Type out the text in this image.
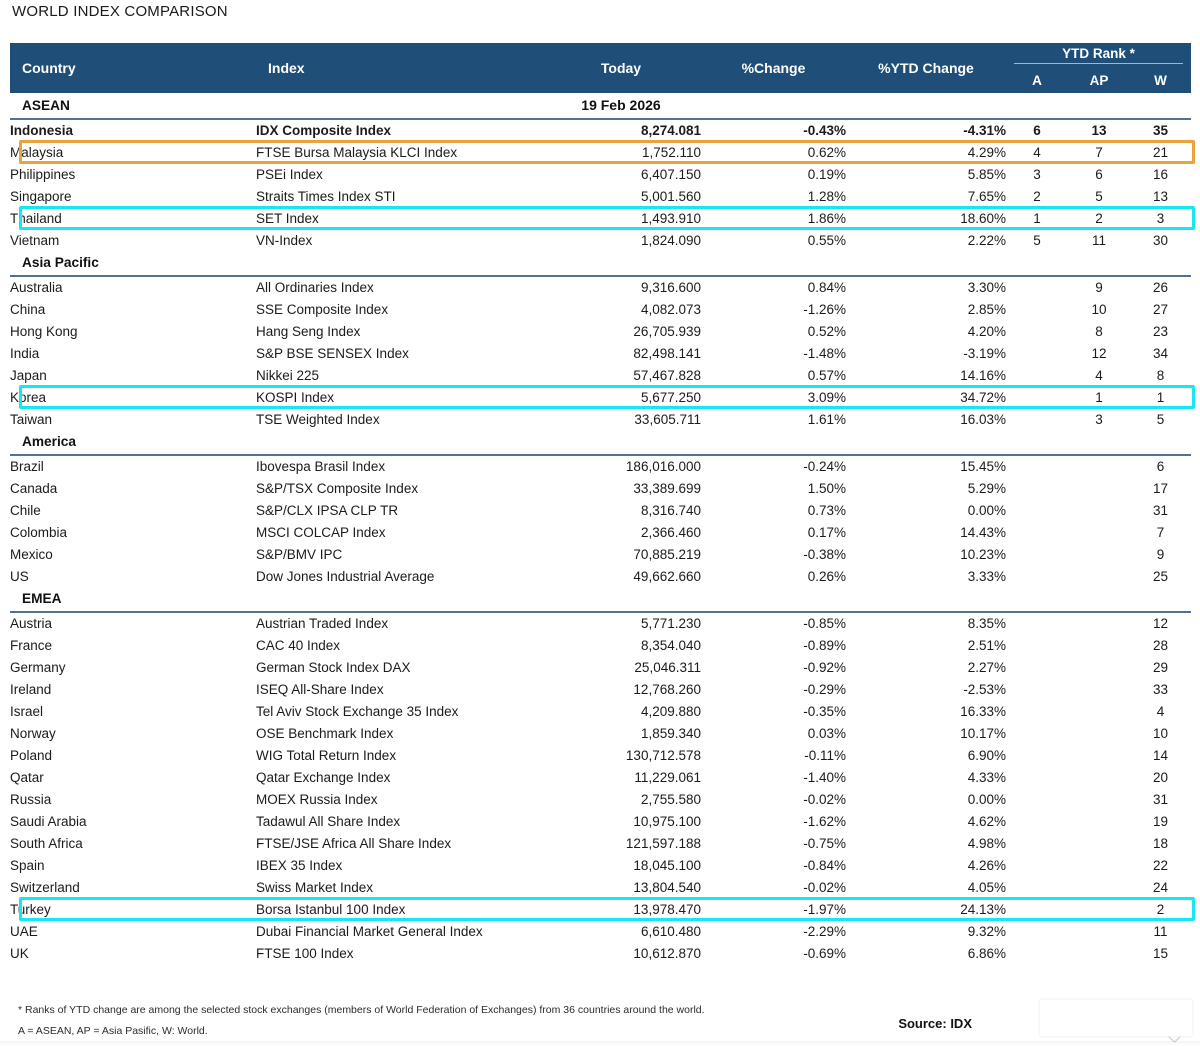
WORLD INDEX COMPARISON
Country	Index	Today	%Change	%YTD Change	YTD Rank *		

					A	AP	W
ASEAN		19 Feb 2026					
Indonesia	IDX Composite Index	8,274.081	-0.43%	-4.31%	6	13	35
Malaysia	FTSE Bursa Malaysia KLCI Index	1,752.110	0.62%	4.29%	4	7	21
Philippines	PSEi Index	6,407.150	0.19%	5.85%	3	6	16
Singapore	Straits Times Index STI	5,001.560	1.28%	7.65%	2	5	13
Thailand	SET Index	1,493.910	1.86%	18.60%	1	2	3
Vietnam	VN-Index	1,824.090	0.55%	2.22%	5	11	30
Asia Pacific							
Australia	All Ordinaries Index	9,316.600	0.84%	3.30%		9	26
China	SSE Composite Index	4,082.073	-1.26%	2.85%		10	27
Hong Kong	Hang Seng Index	26,705.939	0.52%	4.20%		8	23
India	S&P BSE SENSEX Index	82,498.141	-1.48%	-3.19%		12	34
Japan	Nikkei 225	57,467.828	0.57%	14.16%		4	8
Korea	KOSPI Index	5,677.250	3.09%	34.72%		1	1
Taiwan	TSE Weighted Index	33,605.711	1.61%	16.03%		3	5
America							
Brazil	Ibovespa Brasil Index	186,016.000	-0.24%	15.45%			6
Canada	S&P/TSX Composite Index	33,389.699	1.50%	5.29%			17
Chile	S&P/CLX IPSA CLP TR	8,316.740	0.73%	0.00%			31
Colombia	MSCI COLCAP Index	2,366.460	0.17%	14.43%			7
Mexico	S&P/BMV IPC	70,885.219	-0.38%	10.23%			9
US	Dow Jones Industrial Average	49,662.660	0.26%	3.33%			25
EMEA							
Austria	Austrian Traded Index	5,771.230	-0.85%	8.35%			12
France	CAC 40 Index	8,354.040	-0.89%	2.51%			28
Germany	German Stock Index DAX	25,046.311	-0.92%	2.27%			29
Ireland	ISEQ All-Share Index	12,768.260	-0.29%	-2.53%			33
Israel	Tel Aviv Stock Exchange 35 Index	4,209.880	-0.35%	16.33%			4
Norway	OSE Benchmark Index	1,859.340	0.03%	10.17%			10
Poland	WIG Total Return Index	130,712.578	-0.11%	6.90%			14
Qatar	Qatar Exchange Index	11,229.061	-1.40%	4.33%			20
Russia	MOEX Russia Index	2,755.580	-0.02%	0.00%			31
Saudi Arabia	Tadawul All Share Index	10,975.100	-1.62%	4.62%			19
South Africa	FTSE/JSE Africa All Share Index	121,597.188	-0.75%	4.98%			18
Spain	IBEX 35 Index	18,045.100	-0.84%	4.26%			22
Switzerland	Swiss Market Index	13,804.540	-0.02%	4.05%			24
Turkey	Borsa Istanbul 100 Index	13,978.470	-1.97%	24.13%			2
UAE	Dubai Financial Market General Index	6,610.480	-2.29%	9.32%			11
UK	FTSE 100 Index	10,612.870	-0.69%	6.86%			15
* Ranks of YTD change are among the selected stock exchanges (members of World Federation of Exchanges) from 36 countries around the world.
A = ASEAN, AP = Asia Pasific, W: World.	Source: IDX
